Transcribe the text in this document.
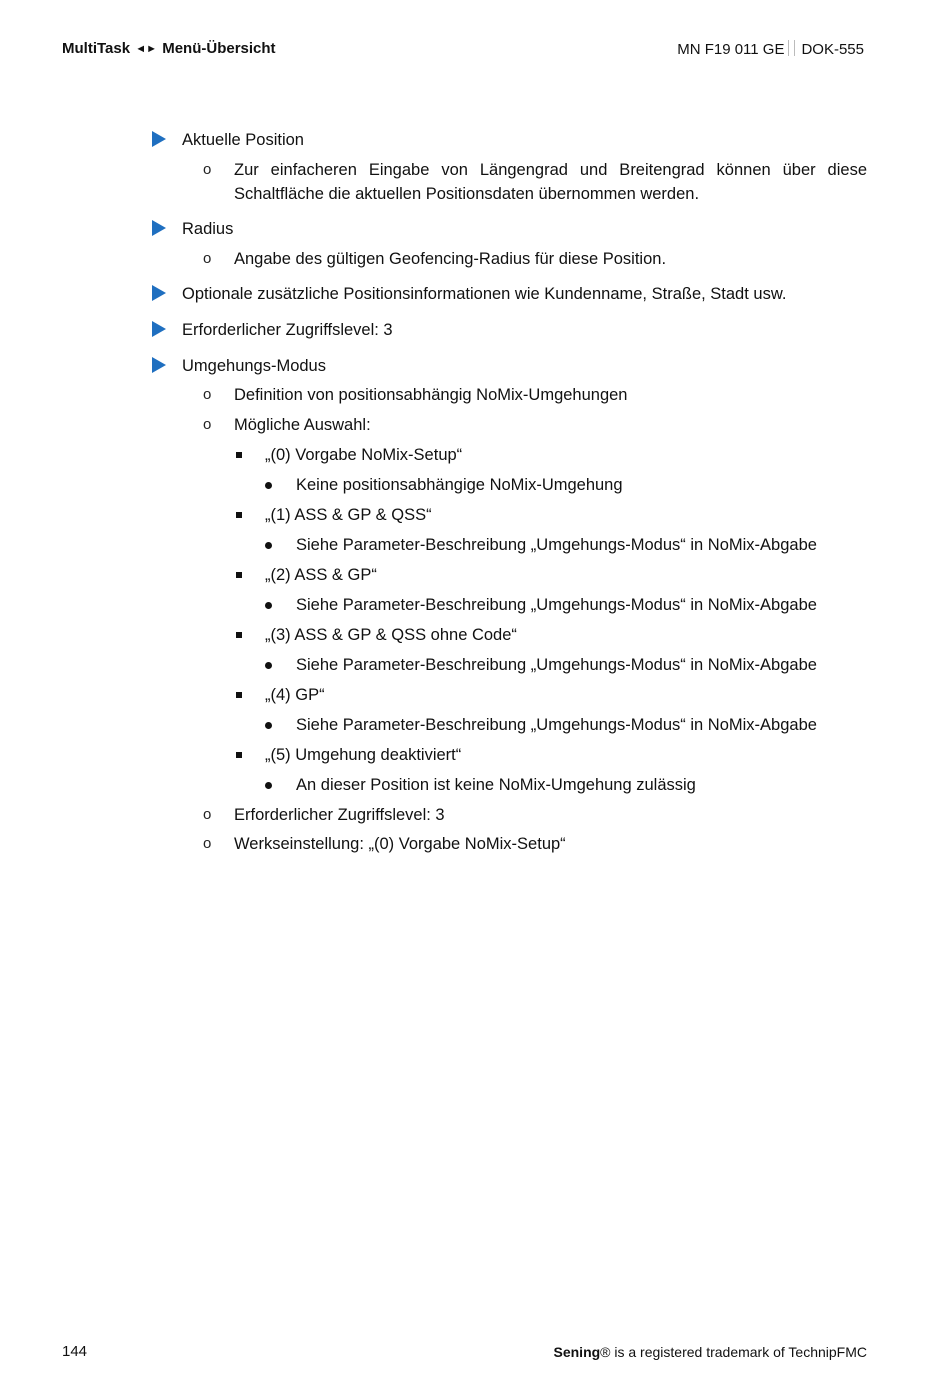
MultiTask ◄► Menü-Übersicht	MN F19 011 GE DOK-555
Aktuelle Position
o Zur einfacheren Eingabe von Längengrad und Breitengrad können über diese Schaltfläche die aktuellen Positionsdaten übernommen werden.
Radius
o Angabe des gültigen Geofencing-Radius für diese Position.
Optionale zusätzliche Positionsinformationen wie Kundenname, Straße, Stadt usw.
Erforderlicher Zugriffslevel: 3
Umgehungs-Modus
o Definition von positionsabhängig NoMix-Umgehungen
o Mögliche Auswahl:
„(0) Vorgabe NoMix-Setup“
Keine positionsabhängige NoMix-Umgehung
„(1) ASS & GP & QSS“
Siehe Parameter-Beschreibung „Umgehungs-Modus“ in NoMix-Abgabe
„(2) ASS & GP“
Siehe Parameter-Beschreibung „Umgehungs-Modus“ in NoMix-Abgabe
„(3) ASS & GP & QSS ohne Code“
Siehe Parameter-Beschreibung „Umgehungs-Modus“ in NoMix-Abgabe
„(4) GP“
Siehe Parameter-Beschreibung „Umgehungs-Modus“ in NoMix-Abgabe
„(5) Umgehung deaktiviert“
An dieser Position ist keine NoMix-Umgehung zulässig
o Erforderlicher Zugriffslevel: 3
o Werkseinstellung: „(0) Vorgabe NoMix-Setup“
144	Sening® is a registered trademark of TechnipFMC
